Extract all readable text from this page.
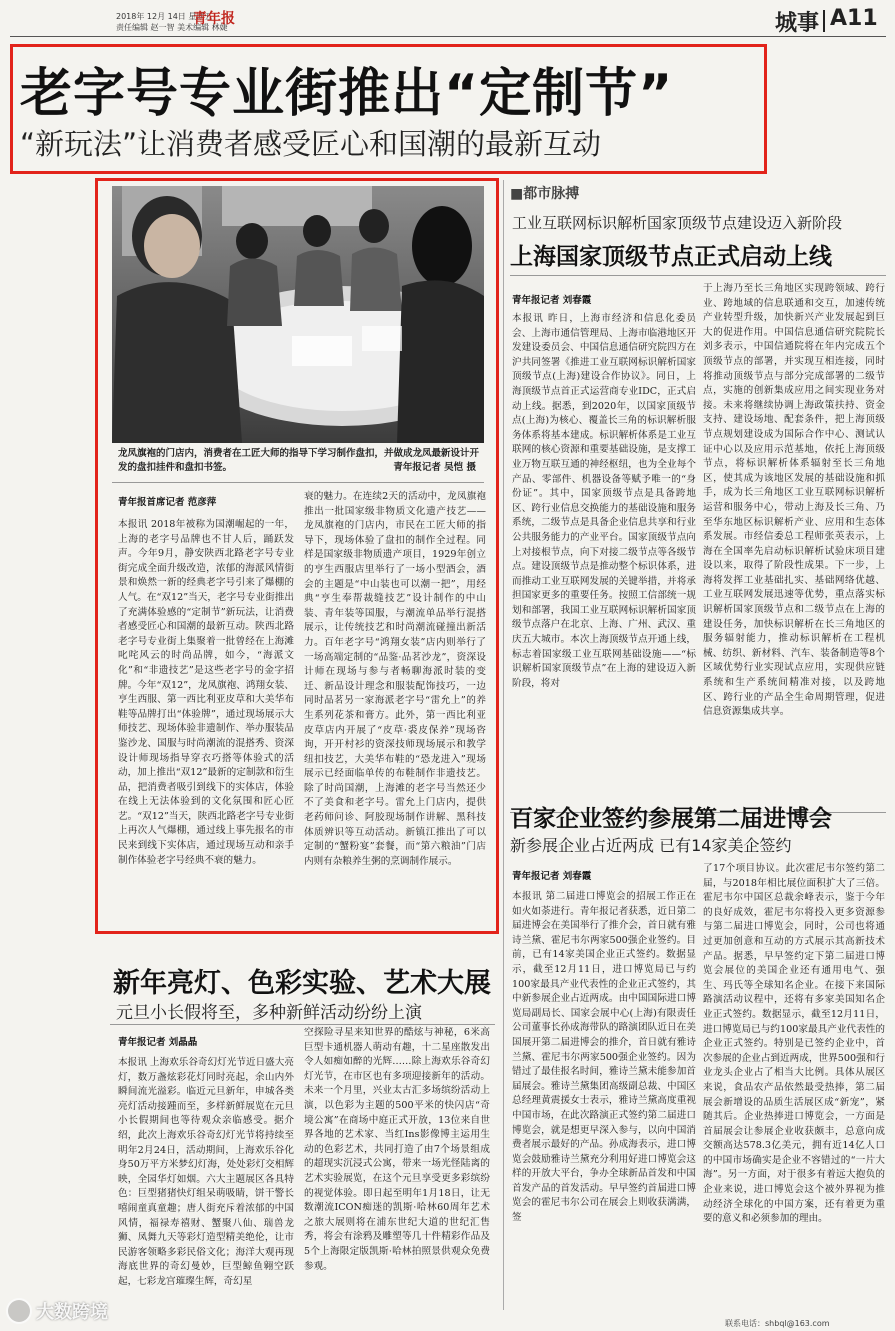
2018年 12月 14日 星期五
责任编辑 赵一智 美术编辑 林婕
青年报	城事 A11
老字号专业街推出“定制节”
“新玩法”让消费者感受匠心和国潮的最新互动
龙凤旗袍的门店内，消费者在工匠大师的指导下学习制作盘扣，并做成龙凤最新设计开发的盘扣挂件和盘扣书签。	青年报记者 吴恺 摄
青年报首席记者 范彦萍
本报讯 2018年被称为国潮崛起的一年，上海的老字号品牌也不甘人后，踊跃发声。今年9月，静安陕西北路老字号专业街完成全面升级改造，浓郁的海派风情街景和焕然一新的经典老字号引来了爆棚的人气。在“双12”当天，老字号专业街推出了充满体验感的“定制节”新玩法，让消费者感受匠心和国潮的最新互动。陕西北路老字号专业街上集聚着一批曾经在上海滩叱咤风云的时尚品牌，如今，“海派文化”和“非遗技艺”是这些老字号的金字招牌。今年“双12”，龙凤旗袍、鸿翔女装、亨生西服、第一西比利亚皮草和大美华布鞋等品牌打出“体验牌”，通过现场展示大师技艺、现场体验非遗制作、举办服装品鉴沙龙、国服与时尚潮流的混搭秀、资深设计师现场指导穿衣巧搭等体验式的活动，加上推出“双12”最新的定制款和衍生品，把消费者吸引到线下的实体店，体验在线上无法体验到的文化氛围和匠心匠艺。“双12”当天，陕西北路老字号专业街上再次人气爆棚，通过线上事先报名的市民来到线下实体店，通过现场互动和亲手制作体验老字号经典不衰的魅力。
衰的魅力。在连续2天的活动中，龙凤旗袍推出一批国家级非物质文化遗产技艺——龙凤旗袍的门店内，市民在工匠大师的指导下，现场体验了盘扣的制作全过程。同样是国家级非物质遗产项目，1929年创立的亨生西服店里举行了一场小型酒会，酒会的主题是“中山装也可以潮一把”，用经典“亨生奉帮裁缝技艺”设计制作的中山装、青年装等国服，与潮流单品举行混搭展示，让传统技艺和时尚潮流碰撞出新活力。百年老字号“鸿翔女装”店内则举行了一场高端定制的“品鉴·品茗沙龙”，资深设计师在现场与参与者畅聊海派时装的变迁、新品设计理念和服装配饰技巧，一边同时品茗另一家海派老字号“雷允上”的养生系列花茶和膏方。此外，第一西比利亚皮草店内开展了“皮草·裘皮保养”现场咨询，开开村衫的资深技师现场展示和教学纽扣技艺，大美华布鞋的“恐龙进入”现场展示已经面临单传的布鞋制作非遗技艺。除了时尚国潮，上海滩的老字号当然还少不了美食和老字号。雷允上门店内，提供老药师问诊、阿胶现场制作讲解、黑科技体质辨识等互动活动。新镇江推出了可以定制的“蟹粉宴”套餐，而“第六粮油”门店内则有杂粮养生粥的烹调制作展示。
■都市脉搏
工业互联网标识解析国家顶级节点建设迈入新阶段
上海国家顶级节点正式启动上线
青年报记者 刘春霞
本报讯 昨日，上海市经济和信息化委员会、上海市通信管理局、上海市临港地区开发建设委员会、中国信息通信研究院四方在沪共同签署《推进工业互联网标识解析国家顶级节点(上海)建设合作协议》。同日，上海顶级节点首正式运营商专业IDC，正式启动上线。据悉，到2020年，以国家顶级节点(上海)为核心、覆盖长三角的标识解析服务体系将基本建成。标识解析体系是工业互联网的核心资源和重要基础设施，是支撑工业万物互联互通的神经枢纽，也为全业每个产品、零部件、机器设备等赋予唯一的“身份证”。其中，国家顶级节点是具备跨地区、跨行业信息交换能力的基础设施和服务系统，二级节点是具备企业信息共享和行业公共服务能力的产业平台。国家顶级节点向上对接根节点，向下对接二级节点等各级节点。建设顶级节点是推动整个标识体系，进而推动工业互联网发展的关键举措，并将承担国家更多的重要任务。按照工信部统一规划和部署，我国工业互联网标识解析国家顶级节点落户在北京、上海、广州、武汉、重庆五大城市。本次上海顶级节点开通上线，标志着国家级工业互联网基础设施——“标识解析国家顶级节点”在上海的建设迈入新阶段，将对
于上海乃至长三角地区实现跨领域、跨行业、跨地域的信息联通和交互，加速传统产业转型升级，加快新兴产业发展起到巨大的促进作用。中国信息通信研究院院长刘多表示，中国信通院将在年内完成五个顶级节点的部署，并实现互相连接，同时将推动顶级节点与部分完成部署的二级节点，实施的创新集成应用之间实现业务对接。未来将继续协调上海政策扶持、资金支持、建设场地、配套条件，把上海顶级节点规划建设成为国际合作中心、测试认证中心以及应用示范基地，依托上海顶级节点，将标识解析体系辐射至长三角地区，使其成为该地区发展的基础设施和抓手，成为长三角地区工业互联网标识解析运营和服务中心，带动上海及长三角、乃至华东地区标识解析产业、应用和生态体系发展。市经信委总工程师张英表示，上海在全国率先启动标识解析试验床项目建设以来，取得了阶段性成果。下一步，上海将发挥工业基础扎实、基础网络优越、工业互联网发展迅速等优势，重点落实标识解析国家顶级节点和二级节点在上海的建设任务，加快标识解析在长三角地区的服务辐射能力，推动标识解析在工程机械、纺织、新材料、汽车、装备制造等8个区域优势行业实现试点应用，实现供应链系统和生产系统间精准对接，以及跨地区、跨行业的产品全生命周期管理，促进信息资源集成共享。
百家企业签约参展第二届进博会
新参展企业占近两成 已有14家美企签约
青年报记者 刘春霞
本报讯 第二届进口博览会的招展工作正在如火如荼进行。青年报记者获悉，近日第二届进博会在美国举行了推介会，首日就有雅诗兰黛、霍尼韦尔两家500强企业签约。目前，已有14家美国企业正式签约。数据显示，截至12月11日，进口博览局已与约100家最具产业代表性的企业正式签约，其中新参展企业占近两成。由中国国际进口博览局副局长、国家会展中心(上海)有限责任公司董事长孙成海带队的路演团队近日在美国展开第二届进博会的推介，首日就有雅诗兰黛、霍尼韦尔两家500强企业签约。因为错过了最佳报名时间，雅诗兰黛未能参加首届展会。雅诗兰黛集团高级副总裁、中国区总经理黄震援女士表示，雅诗兰黛高度重视中国市场，在此次路演正式签约第二届进口博览会，就是想更早深入参与，以向中国消费者展示最好的产品。孙成海表示，进口博览会鼓励雅诗兰黛充分利用好进口博览会这样的开放大平台，争办全球新品首发和中国首发产品的首发活动。早早签约首届进口博览会的霍尼韦尔公司在展会上则收获满满，签
了17个项目协议。此次霍尼韦尔签约第二届，与2018年相比展位面积扩大了三倍。霍尼韦尔中国区总裁余峰表示，鉴于今年的良好成效，霍尼韦尔将投入更多资源参与第二届进口博览会，同时，公司也将通过更加创意和互动的方式展示其高新技术产品。据悉，早早签约定下第二届进口博览会展位的美国企业还有通用电气、强生、玛氏等全球知名企业。在接下来国际路演活动议程中，还将有多家美国知名企业正式签约。数据显示，截至12月11日，进口博览局已与约100家最具产业代表性的企业正式签约。特别是已签约企业中，首次参展的企业占到近两成，世界500强和行业龙头企业占了相当大比例。具体从展区来说，食品农产品依然最受热捧，第二届展会新增设的品质生活展区成“新宠”，紧随其后。企业热捧进口博览会，一方面是首届展会让参展企业收获颇丰，总意向成交额高达578.3亿美元，拥有近14亿人口的中国市场确实是企业不容错过的“一片大海”。另一方面，对于很多有着远大抱负的企业来说，进口博览会这个被外界视为推动经济全球化的中国方案，还有着更为重要的意义和必须参加的理由。
新年亮灯、色彩实验、艺术大展
元旦小长假将至，多种新鲜活动纷纷上演
青年报记者 刘晶晶
本报讯 上海欢乐谷奇幻灯光节近日盛大亮灯，数万盏炫彩花灯同时亮起，余山内外瞬间流光溢彩。临近元旦新年，申城各类亮灯活动接踵而至，多样新鲜展览在元旦小长假期间也等待观众亲临感受。据介绍，此次上海欢乐谷奇幻灯光节将持续至明年2月24日，活动期间，上海欢乐谷化身50万平方米梦幻灯海，处处彩灯交相辉映，全园华灯如烟。六大主题展区各具特色：巨型猪猪快灯组呆萌吸睛，饼干警长嘻闹童真童趣；唐人街充斥着浓郁的中国风情，福禄寿禧财、蟹聚八仙、瑞兽龙狮、凤舞九天等彩灯造型精美绝伦，让市民游客领略多彩民俗文化；海洋大观再现海底世界的奇幻曼妙，巨型鲸鱼翱空跃起，七彩龙宫璀璨生辉，奇幻星
空探险寻星来知世界的酷炫与神秘，6米高巨型卡通机器人萌动有趣，十二星座散发出令人如痴如醉的光辉……除上海欢乐谷奇幻灯光节，在市区也有多项迎接新年的活动。未来一个月里，兴业太古汇多场缤纷活动上演，以色彩为主题的500平米的快闪店“奇境公寓”在商场中庭正式开放，13位来自世界各地的艺术家、当红Ins影像博主运用生动的色彩艺术，共同打造了由7个场景组成的超现实沉浸式公寓，带来一场光怪陆离的艺术实验展览，在这个元旦享受更多彩缤纷的视觉体验。即日起至明年1月18日，让无数潮流ICON痴迷的凯斯·哈林60周年艺术之旅大展则将在浦东世纪大道的世纪汇售秀，将会有涂鸦及雕塑等几十件精彩作品及5个上海限定版凯斯·哈林拍照景供观众免费参观。
联系电话：shbql@163.com
大数跨境
